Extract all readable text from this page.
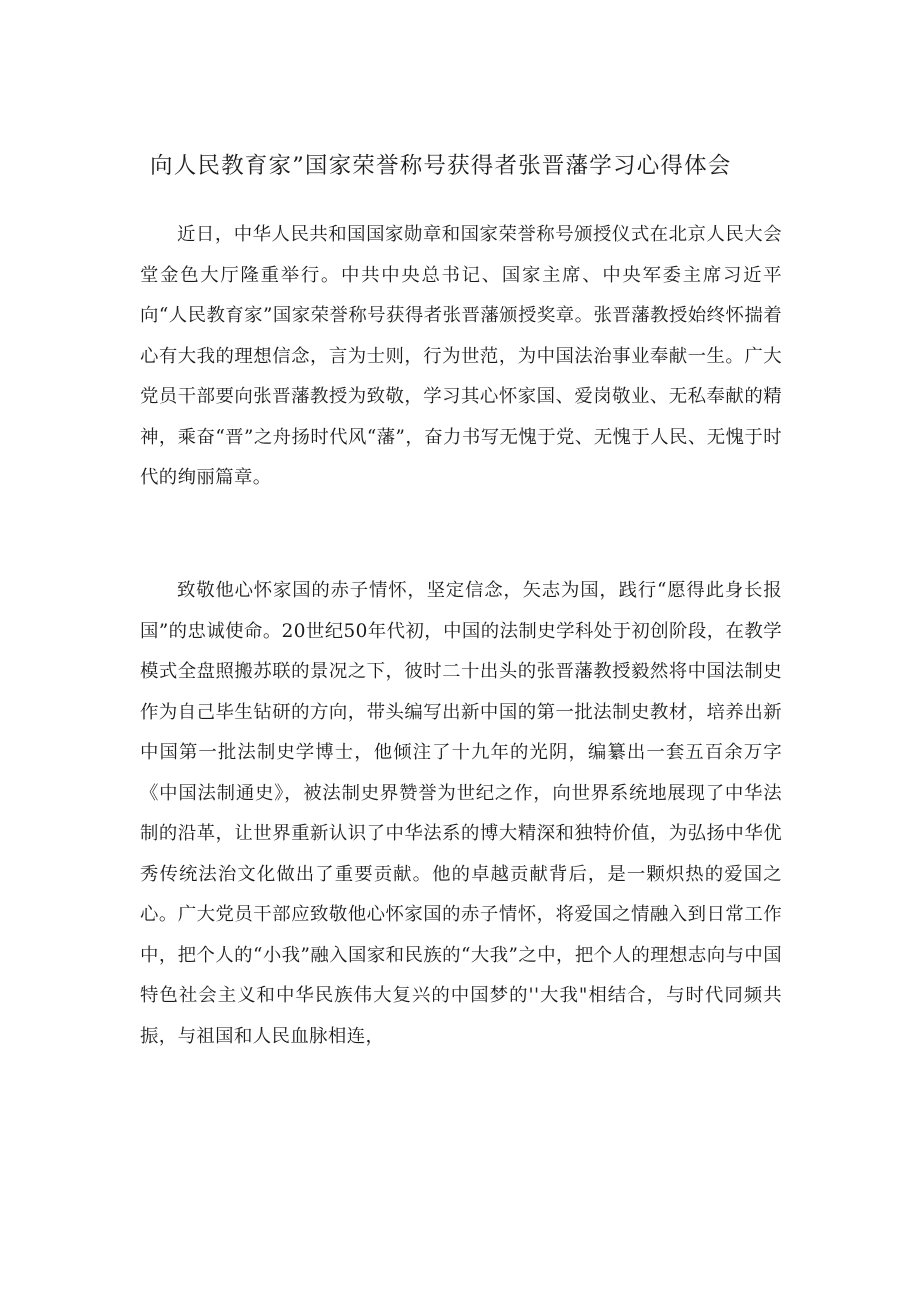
向人民教育家”国家荣誉称号获得者张晋藩学习心得体会

近日，中华人民共和国国家勋章和国家荣誉称号颁授仪式在北京人民大会堂金色大厅隆重举行。中共中央总书记、国家主席、中央军委主席习近平向“人民教育家”国家荣誉称号获得者张晋藩颁授奖章。张晋藩教授始终怀揣着心有大我的理想信念，言为士则，行为世范，为中国法治事业奉献一生。广大党员干部要向张晋藩教授为致敬，学习其心怀家国、爱岗敬业、无私奉献的精神，乘奋“晋”之舟扬时代风“藩”，奋力书写无愧于党、无愧于人民、无愧于时代的绚丽篇章。

致敬他心怀家国的赤子情怀，坚定信念，矢志为国，践行“愿得此身长报国”的忠诚使命。20世纪50年代初，中国的法制史学科处于初创阶段，在教学模式全盘照搬苏联的景况之下，彼时二十出头的张晋藩教授毅然将中国法制史作为自己毕生钻研的方向，带头编写出新中国的第一批法制史教材，培养出新中国第一批法制史学博士，他倾注了十九年的光阴，编纂出一套五百余万字《中国法制通史》，被法制史界赞誉为世纪之作，向世界系统地展现了中华法制的沿革，让世界重新认识了中华法系的博大精深和独特价值，为弘扬中华优秀传统法治文化做出了重要贡献。他的卓越贡献背后，是一颗炽热的爱国之心。广大党员干部应致敬他心怀家国的赤子情怀，将爱国之情融入到日常工作中，把个人的“小我”融入国家和民族的“大我”之中，把个人的理想志向与中国特色社会主义和中华民族伟大复兴的中国梦的''大我"相结合，与时代同频共振，与祖国和人民血脉相连，
